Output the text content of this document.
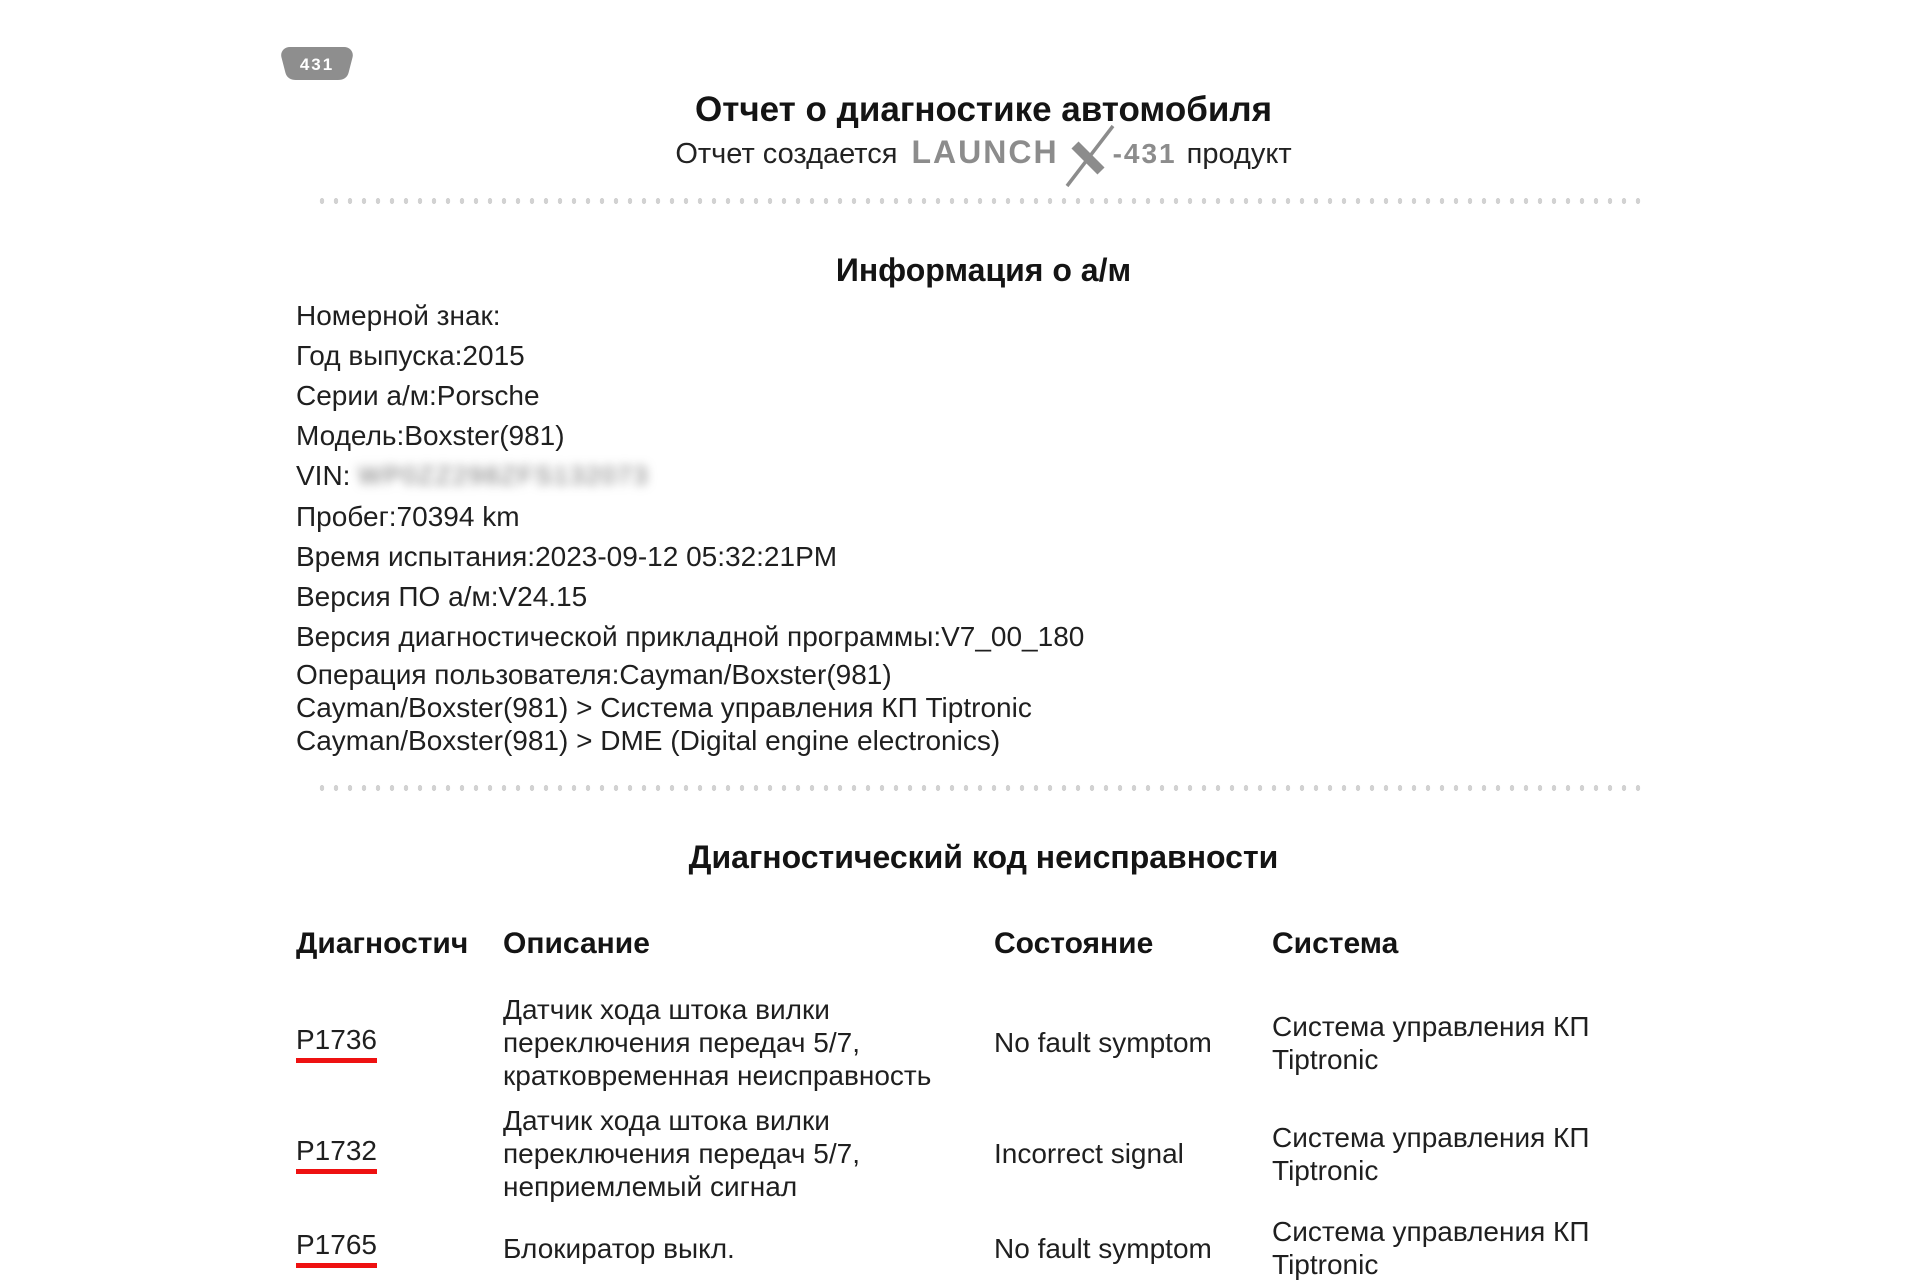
431
Отчет о диагностике автомобиля
Отчет создается LAUNCH -431 продукт
Информация о а/м
Номерной знак:
Год выпуска:2015
Серии а/м:Porsche
Модель:Boxster(981)
VIN: WP0ZZ298ZFS132073
Пробег:70394 km
Время испытания:2023-09-12 05:32:21PM
Версия ПО а/м:V24.15
Версия диагностической прикладной программы:V7_00_180
Операция пользователя:Cayman/Boxster(981)
Cayman/Boxster(981) > Система управления КП Tiptronic
Cayman/Boxster(981) > DME (Digital engine electronics)
Диагностический код неисправности
Диагностич	Описание	Состояние	Система
P1736	Датчик хода штока вилки переключения передач 5/7, кратковременная неисправность	No fault symptom	Система управления КП Tiptronic
P1732	Датчик хода штока вилки переключения передач 5/7, неприемлемый сигнал	Incorrect signal	Система управления КП Tiptronic
P1765	Блокиратор выкл.	No fault symptom	Система управления КП Tiptronic
